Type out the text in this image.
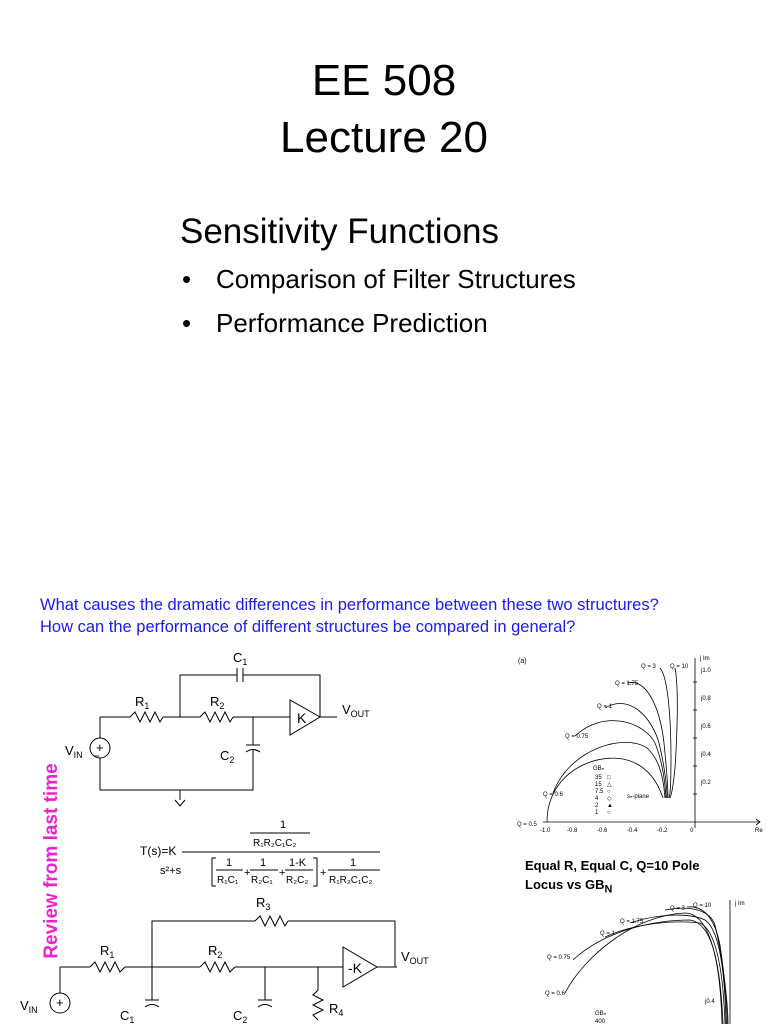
EE 508
Lecture 20
Sensitivity Functions
• Comparison of Filter Structures
• Performance Prediction
What causes the dramatic differences in performance between these two structures?
How can the performance of different structures be compared in general?
Review from last time	Equal R, Equal C, Q=10 Pole
Locus vs $GB_N$
+
−
$C_1$
$R_1$	$R_2$
K
$V_{OUT}$
$C_2$
$V_{IN}$
T(s)=K
1
R₁R₂C₁C₂
s²+s
1
R₁C₁
+
1
R₂C₁
+
1-K
R₂C₂
+
1
R₁R₂C₁C₂
+
$R_3$
$R_1$	$R_2$
-K
$V_{OUT}$
$V_{IN}$	$C_1$	$C_2$
$R_4$
(a)	j Im
Re
Q = 0.5
Q = 0.6
Q = 0.75
Q = 1
Q = 1.75
Q = 3 Q = 10
-1.0	-0.8	-0.6	-0.4	-0.2	0
j1.0
j0.8
j0.6
j0.4
j0.2
sₙ-plane
GBₙ
35
15
7.5
4
2
1
□
△
○
◇
▲
○
j Im
Q = 0.6
Q = 0.75
Q = 1
Q = 1.75
Q = 3 Q = 10
j0.4
GBₙ
400
